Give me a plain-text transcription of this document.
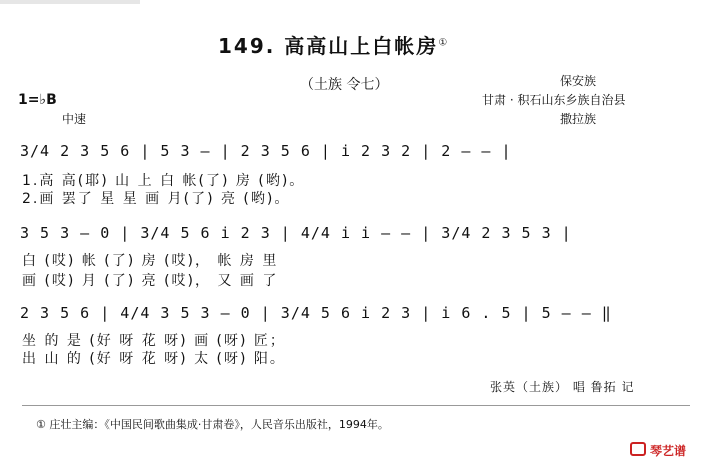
149. 高高山上白帐房①
（土族 令七）	保安族
甘肃 · 积石山东乡族自治县
撒拉族
1=♭B
中速
3/4 2 3 5 6 | 5 3 — | 2 3 5 6 | i 2 3 2 | 2 — — |
1.高 高(耶) 山 上 白 帐(了) 房 (哟)。
2.画 罢了 星 星 画 月(了) 亮 (哟)。
3 5 3 — 0 | 3/4 5 6 i 2 3 | 4/4 i i — — | 3/4 2 3 5 3 |
白 (哎) 帐 (了) 房 (哎)， 帐 房 里
画 (哎) 月 (了) 亮 (哎)， 又 画 了
2 3 5 6 | 4/4 3 5 3 — 0 | 3/4 5 6 i 2 3 | i 6 . 5 | 5 — — ‖
坐 的 是 (好 呀 花 呀) 画 (呀) 匠；
出 山 的 (好 呀 花 呀) 太 (呀) 阳。
张英（土族） 唱 鲁拓 记
① 庄壮主编：《中国民间歌曲集成·甘肃卷》，人民音乐出版社，1994年。
琴艺谱
